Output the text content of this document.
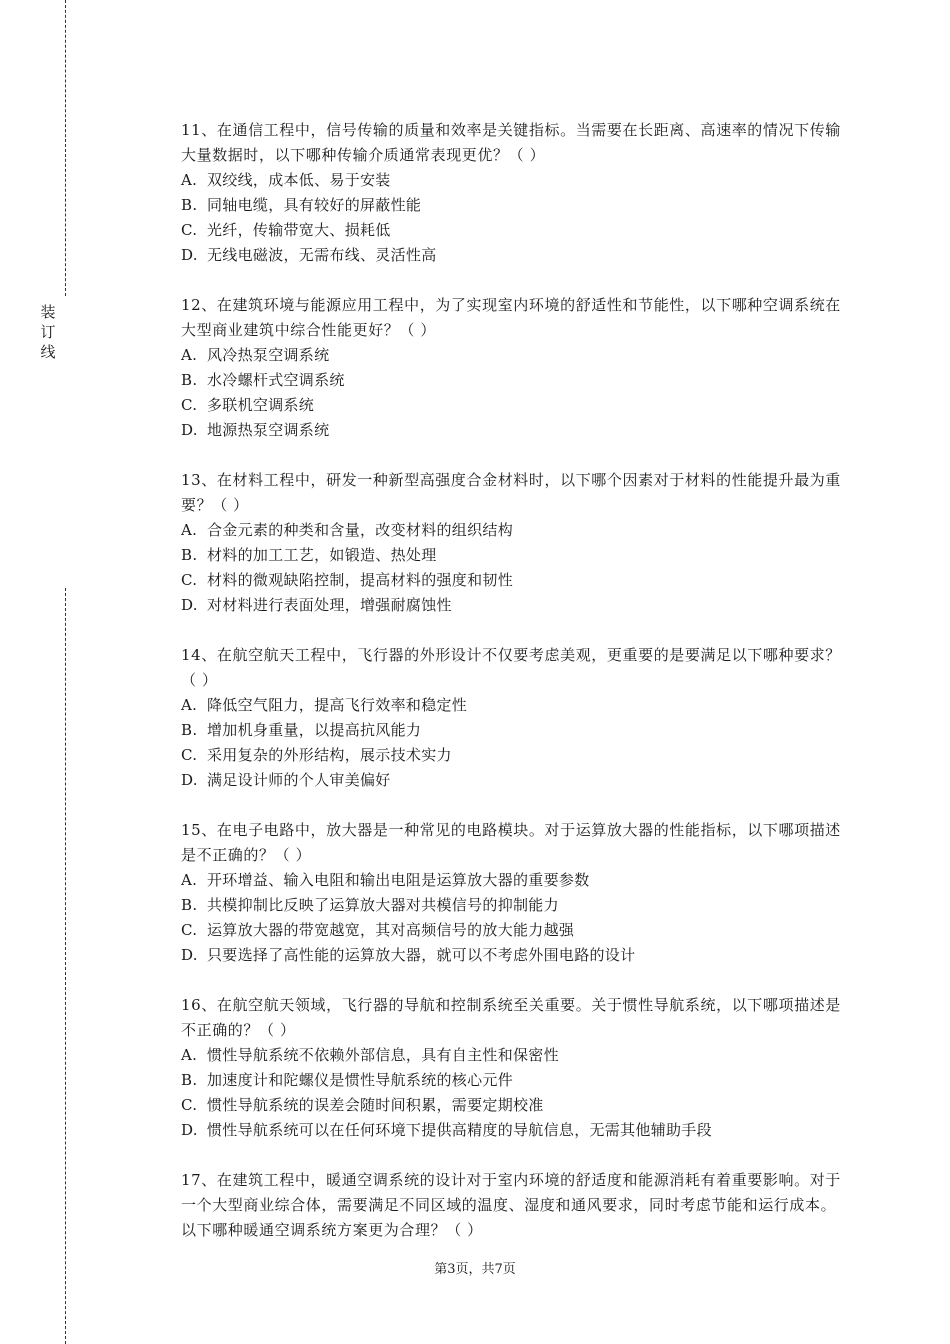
装
订
线
11、在通信工程中，信号传输的质量和效率是关键指标。当需要在长距离、高速率的情况下传输大量数据时，以下哪种传输介质通常表现更优？（ ）
A. 双绞线，成本低、易于安装
B. 同轴电缆，具有较好的屏蔽性能
C. 光纤，传输带宽大、损耗低
D. 无线电磁波，无需布线、灵活性高
12、在建筑环境与能源应用工程中，为了实现室内环境的舒适性和节能性，以下哪种空调系统在大型商业建筑中综合性能更好？（ ）
A. 风冷热泵空调系统
B. 水冷螺杆式空调系统
C. 多联机空调系统
D. 地源热泵空调系统
13、在材料工程中，研发一种新型高强度合金材料时，以下哪个因素对于材料的性能提升最为重要？（ ）
A. 合金元素的种类和含量，改变材料的组织结构
B. 材料的加工工艺，如锻造、热处理
C. 材料的微观缺陷控制，提高材料的强度和韧性
D. 对材料进行表面处理，增强耐腐蚀性
14、在航空航天工程中，飞行器的外形设计不仅要考虑美观，更重要的是要满足以下哪种要求？（ ）
A. 降低空气阻力，提高飞行效率和稳定性
B. 增加机身重量，以提高抗风能力
C. 采用复杂的外形结构，展示技术实力
D. 满足设计师的个人审美偏好
15、在电子电路中，放大器是一种常见的电路模块。对于运算放大器的性能指标，以下哪项描述是不正确的？（ ）
A. 开环增益、输入电阻和输出电阻是运算放大器的重要参数
B. 共模抑制比反映了运算放大器对共模信号的抑制能力
C. 运算放大器的带宽越宽，其对高频信号的放大能力越强
D. 只要选择了高性能的运算放大器，就可以不考虑外围电路的设计
16、在航空航天领域，飞行器的导航和控制系统至关重要。关于惯性导航系统，以下哪项描述是不正确的？（ ）
A. 惯性导航系统不依赖外部信息，具有自主性和保密性
B. 加速度计和陀螺仪是惯性导航系统的核心元件
C. 惯性导航系统的误差会随时间积累，需要定期校准
D. 惯性导航系统可以在任何环境下提供高精度的导航信息，无需其他辅助手段
17、在建筑工程中，暖通空调系统的设计对于室内环境的舒适度和能源消耗有着重要影响。对于一个大型商业综合体，需要满足不同区域的温度、湿度和通风要求，同时考虑节能和运行成本。以下哪种暖通空调系统方案更为合理？（ ）
第3页，共7页
